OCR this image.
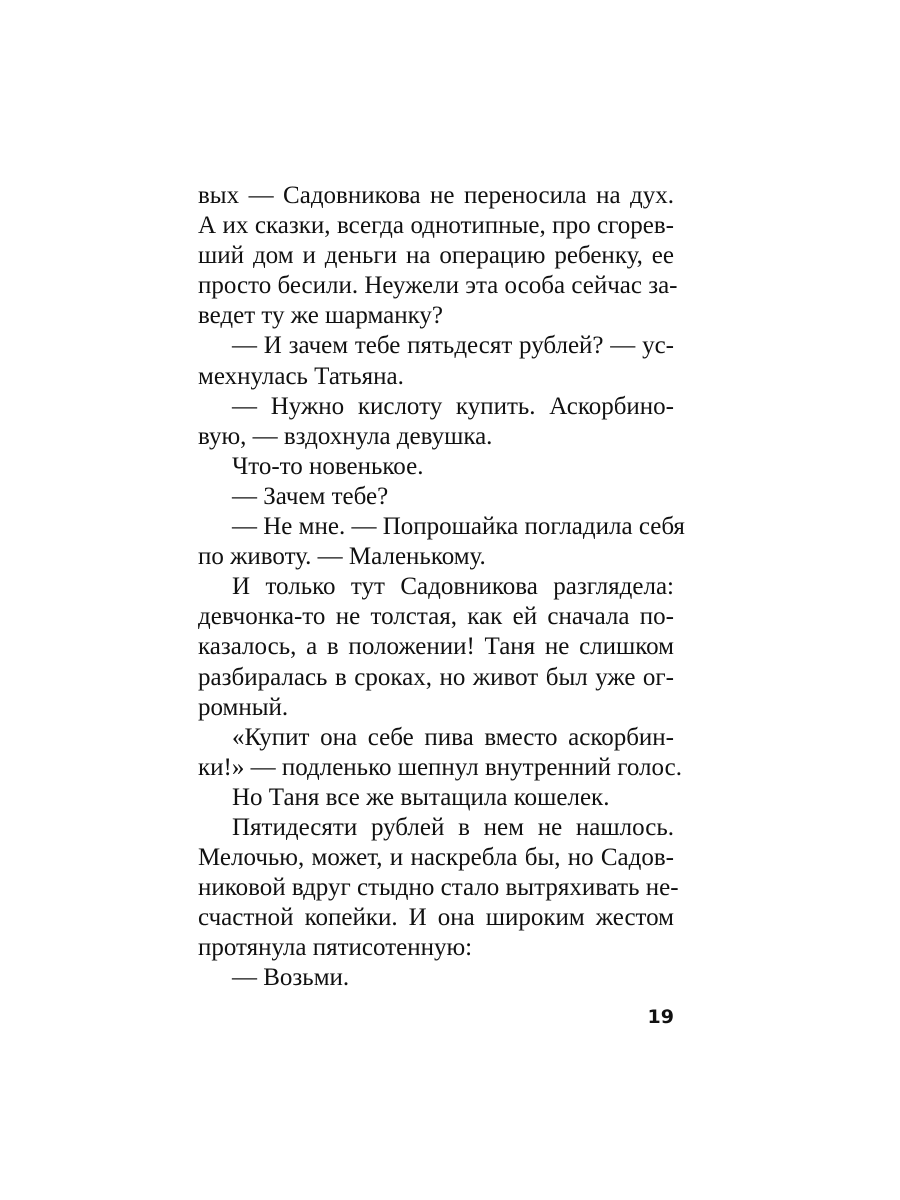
вых — Садовникова не переносила на дух.
А их сказки, всегда однотипные, про сгорев-
ший дом и деньги на операцию ребенку, ее
просто бесили. Неужели эта особа сейчас за-
ведет ту же шарманку?
— И зачем тебе пятьдесят рублей? — ус-
мехнулась Татьяна.
— Нужно кислоту купить. Аскорбино-
вую, — вздохнула девушка.
Что-то новенькое.
— Зачем тебе?
— Не мне. — Попрошайка погладила себя
по животу. — Маленькому.
И только тут Садовникова разглядела:
девчонка-то не толстая, как ей сначала по-
казалось, а в положении! Таня не слишком
разбиралась в сроках, но живот был уже ог-
ромный.
«Купит она себе пива вместо аскорбин-
ки!» — подленько шепнул внутренний голос.
Но Таня все же вытащила кошелек.
Пятидесяти рублей в нем не нашлось.
Мелочью, может, и наскребла бы, но Садов-
никовой вдруг стыдно стало вытряхивать не-
счастной копейки. И она широким жестом
протянула пятисотенную:
— Возьми.
19
